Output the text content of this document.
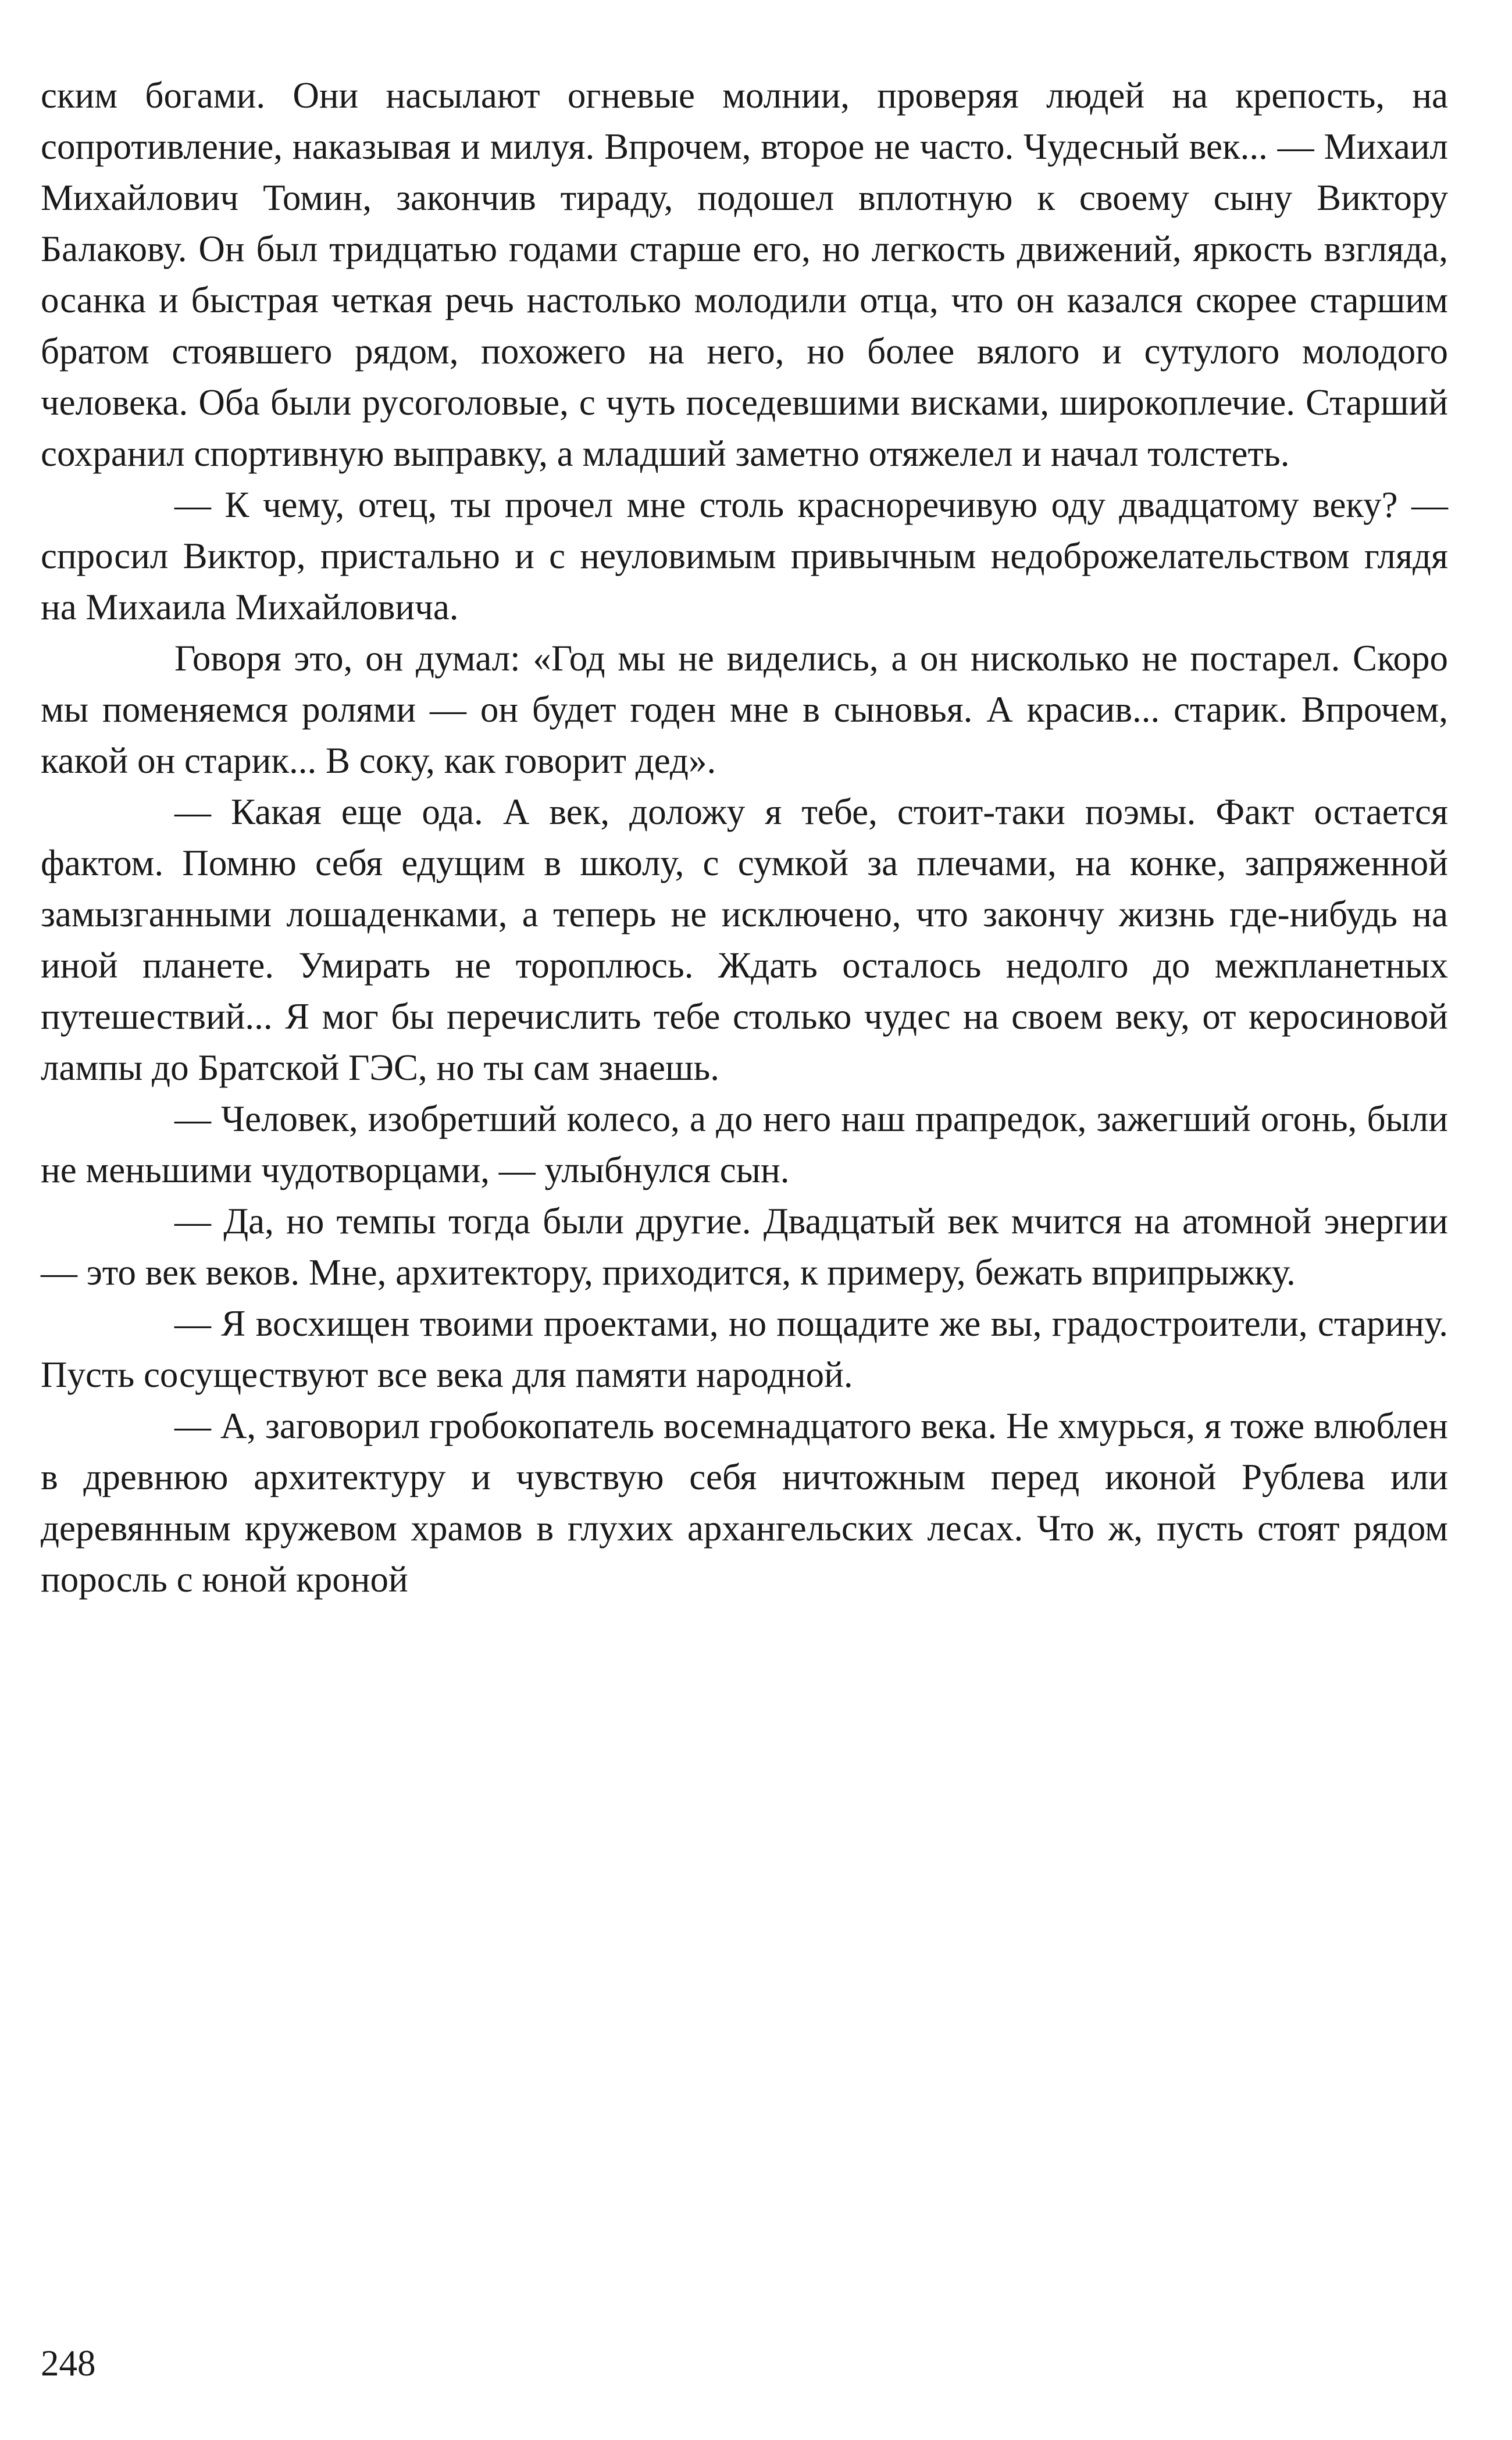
ским богами. Они насылают огневые молнии, проверяя людей на крепость, на сопротивление, наказывая и милуя. Впрочем, второе не часто. Чудесный век... — Михаил Михайлович Томин, закончив тираду, подошел вплотную к своему сыну Виктору Балакову. Он был тридцатью годами старше его, но легкость движений, яркость взгляда, осанка и быстрая четкая речь настолько молодили отца, что он казался скорее старшим братом стоявшего рядом, похожего на него, но более вялого и сутулого молодого человека. Оба были русоголовые, с чуть поседевшими висками, широкоплечие. Старший сохранил спортивную выправку, а младший заметно отяжелел и начал толстеть.

— К чему, отец, ты прочел мне столь красноречивую оду двадцатому веку? — спросил Виктор, пристально и с неуловимым привычным недоброжелательством глядя на Михаила Михайловича.

Говоря это, он думал: «Год мы не виделись, а он нисколько не постарел. Скоро мы поменяемся ролями — он будет годен мне в сыновья. А красив... старик. Впрочем, какой он старик... В соку, как говорит дед».

— Какая еще ода. А век, доложу я тебе, стоит-таки поэмы. Факт остается фактом. Помню себя едущим в школу, с сумкой за плечами, на конке, запряженной замызганными лошаденками, а теперь не исключено, что закончу жизнь где-нибудь на иной планете. Умирать не тороплюсь. Ждать осталось недолго до межпланетных путешествий... Я мог бы перечислить тебе столько чудес на своем веку, от керосиновой лампы до Братской ГЭС, но ты сам знаешь.

— Человек, изобретший колесо, а до него наш прапредок, зажегший огонь, были не меньшими чудотворцами, — улыбнулся сын.

— Да, но темпы тогда были другие. Двадцатый век мчится на атомной энергии — это век веков. Мне, архитектору, приходится, к примеру, бежать вприпрыжку.

— Я восхищен твоими проектами, но пощадите же вы, градостроители, старину. Пусть сосуществуют все века для памяти народной.

— А, заговорил гробокопатель восемнадцатого века. Не хмурься, я тоже влюблен в древнюю архитектуру и чувствую себя ничтожным перед иконой Рублева или деревянным кружевом храмов в глухих архангельских лесах. Что ж, пусть стоят рядом поросль с юной кроной

248
